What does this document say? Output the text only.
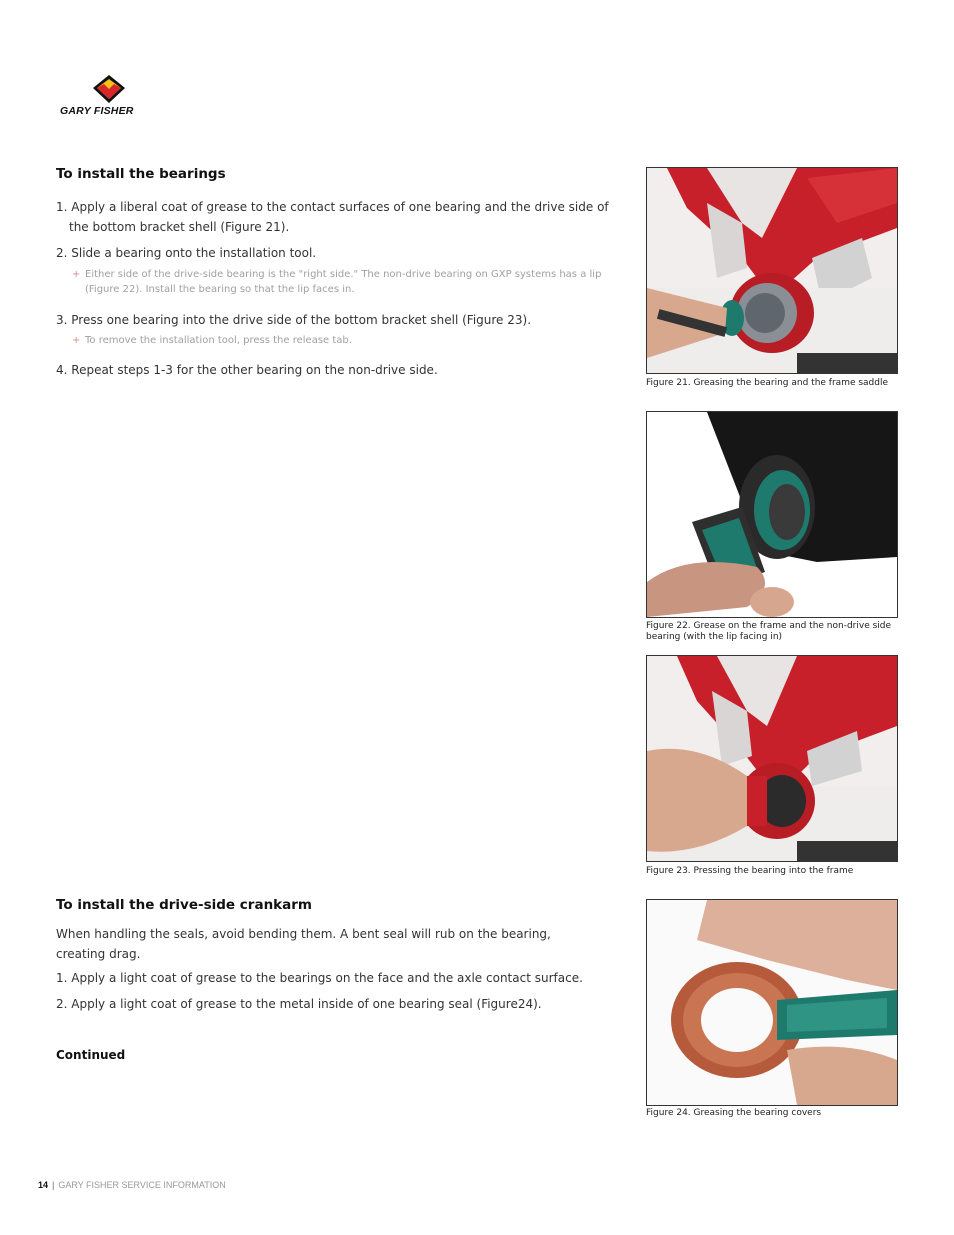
GARY FISHER
To install the bearings

1. Apply a liberal coat of grease to the contact surfaces of one bearing and the drive side of the bottom bracket shell (Figure 21).

2. Slide a bearing onto the installation tool.

+ Either side of the drive-side bearing is the "right side." The non-drive bearing on GXP systems has a lip (Figure 22). Install the bearing so that the lip faces in.

3. Press one bearing into the drive side of the bottom bracket shell (Figure 23).

+ To remove the installation tool, press the release tab.

4. Repeat steps 1-3 for the other bearing on the non-drive side.

To install the drive-side crankarm

When handling the seals, avoid bending them. A bent seal will rub on the bearing, creating drag.

1. Apply a light coat of grease to the bearings on the face and the axle contact surface.

2. Apply a light coat of grease to the metal inside of one bearing seal (Figure24).

Continued

Figure 21. Greasing the bearing and the frame saddle

Figure 22. Grease on the frame and the non-drive side bearing (with the lip facing in)

Figure 23. Pressing the bearing into the frame

Figure 24. Greasing the bearing covers

14 | GARY FISHER SERVICE INFORMATION
